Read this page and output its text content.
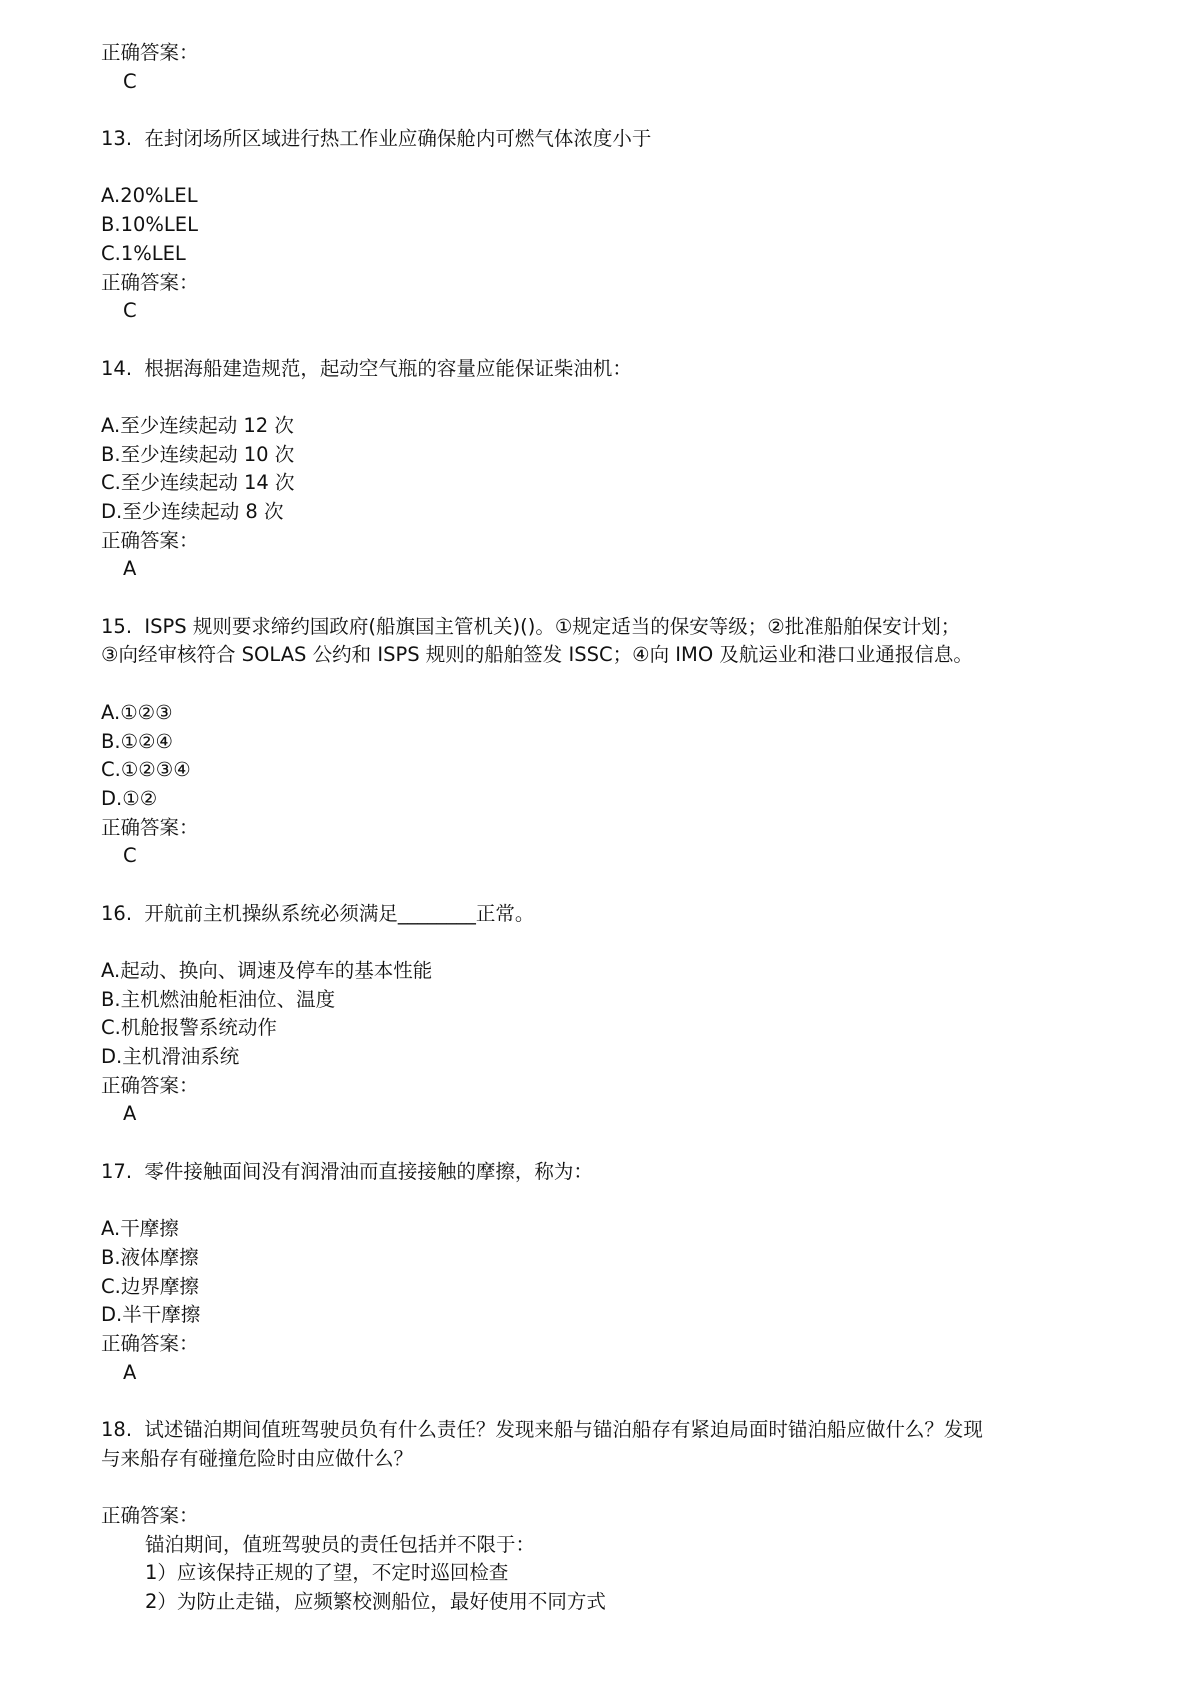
正确答案：
C
13. 在封闭场所区域进行热工作业应确保舱内可燃气体浓度小于
A.20%LEL
B.10%LEL
C.1%LEL
正确答案：
C
14. 根据海船建造规范，起动空气瓶的容量应能保证柴油机：
A.至少连续起动 12 次
B.至少连续起动 10 次
C.至少连续起动 14 次
D.至少连续起动 8 次
正确答案：
A
15. ISPS 规则要求缔约国政府(船旗国主管机关)()。①规定适当的保安等级；②批准船舶保安计划；
③向经审核符合 SOLAS 公约和 ISPS 规则的船舶签发 ISSC；④向 IMO 及航运业和港口业通报信息。
A.①②③
B.①②④
C.①②③④
D.①②
正确答案：
C
16. 开航前主机操纵系统必须满足________正常。
A.起动、换向、调速及停车的基本性能
B.主机燃油舱柜油位、温度
C.机舱报警系统动作
D.主机滑油系统
正确答案：
A
17. 零件接触面间没有润滑油而直接接触的摩擦，称为：
A.干摩擦
B.液体摩擦
C.边界摩擦
D.半干摩擦
正确答案：
A
18. 试述锚泊期间值班驾驶员负有什么责任？发现来船与锚泊船存有紧迫局面时锚泊船应做什么？发现
与来船存有碰撞危险时由应做什么？
正确答案：
锚泊期间，值班驾驶员的责任包括并不限于：
1）应该保持正规的了望，不定时巡回检查
2）为防止走锚，应频繁校测船位，最好使用不同方式
